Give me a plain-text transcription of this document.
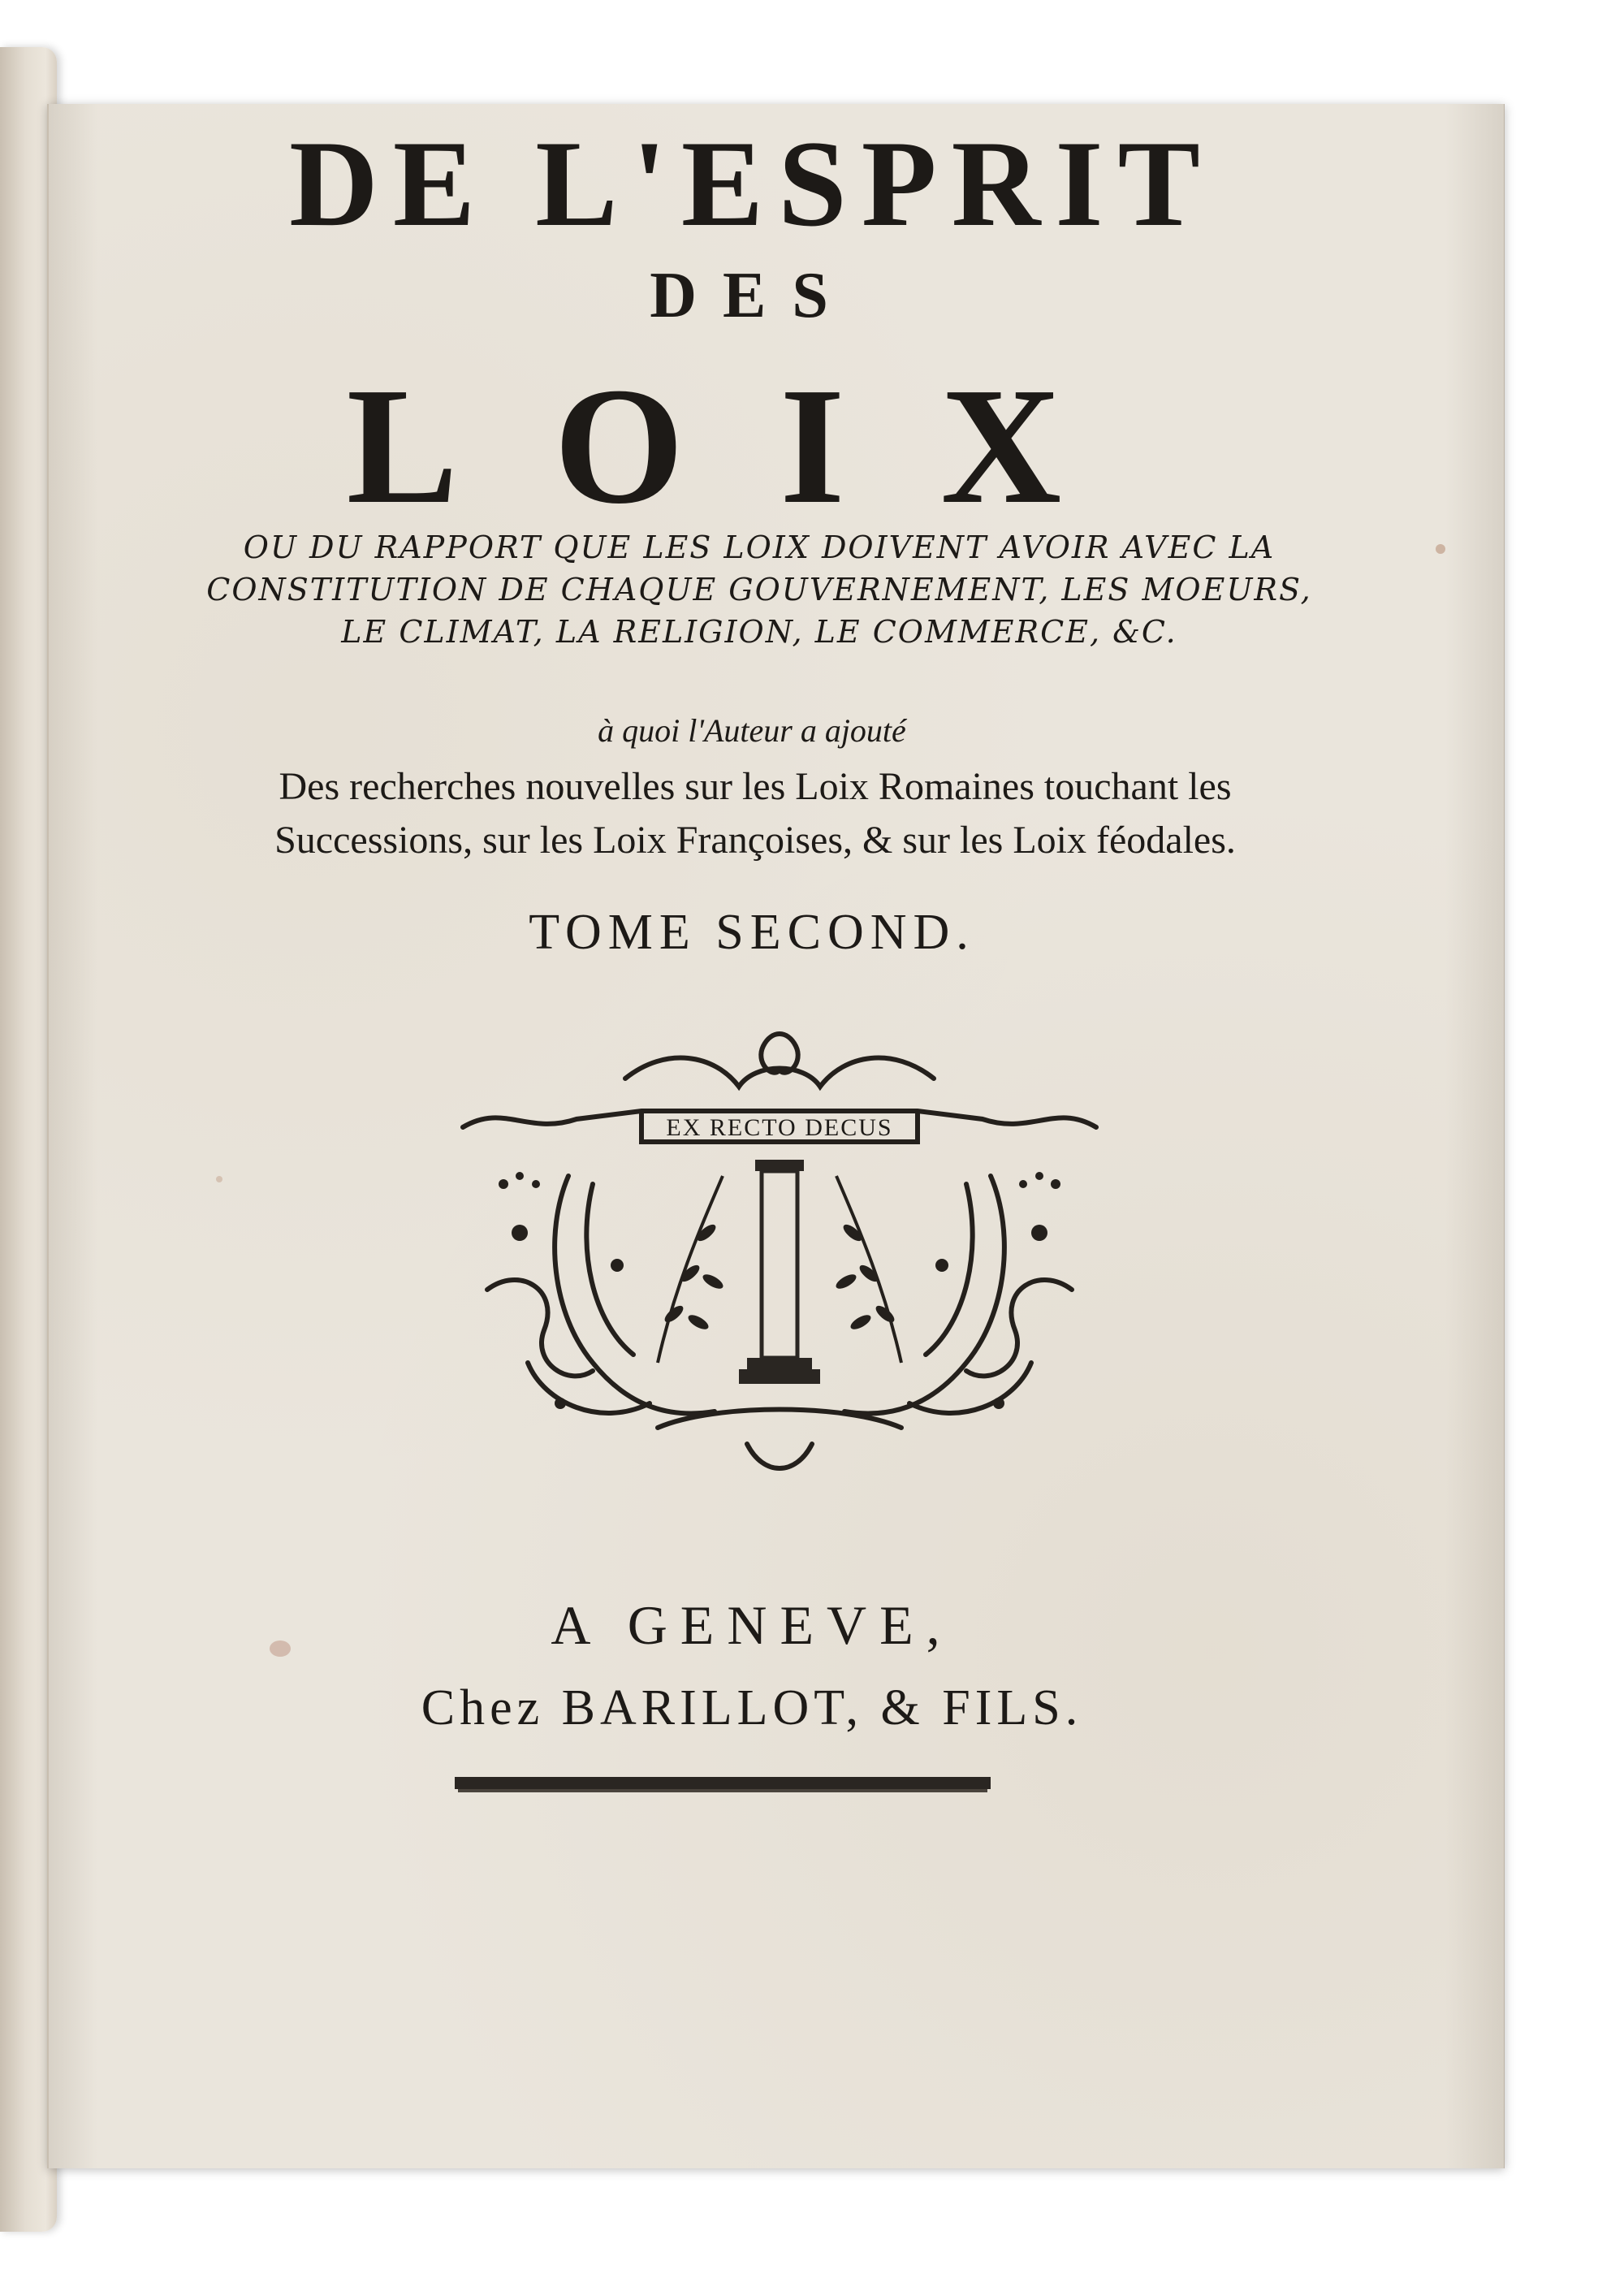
DE L'ESPRIT
DES
LOIX
OU DU RAPPORT QUE LES LOIX DOIVENT AVOIR AVEC LA
CONSTITUTION DE CHAQUE GOUVERNEMENT, LES MOEURS,
LE CLIMAT, LA RELIGION, LE COMMERCE, &C.
à quoi l'Auteur a ajouté
Des recherches nouvelles sur les Loix Romaines touchant les
Successions, sur les Loix Françoises, & sur les Loix féodales.
TOME SECOND.
EX RECTO DECUS
A GENEVE,
Chez BARILLOT, & FILS.
